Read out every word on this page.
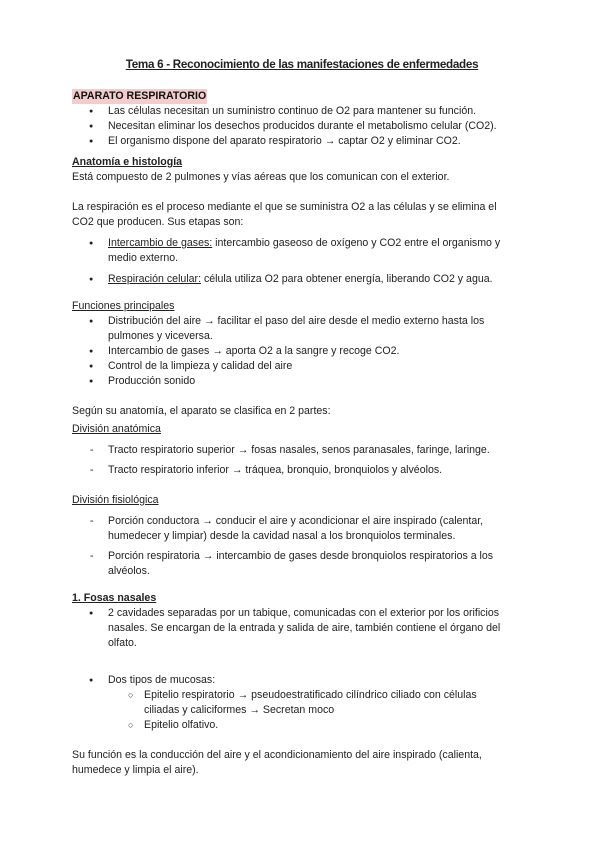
Tema 6 - Reconocimiento de las manifestaciones de enfermedades
APARATO RESPIRATORIO
● Las células necesitan un suministro continuo de O2 para mantener su función.
● Necesitan eliminar los desechos producidos durante el metabolismo celular (CO2).
● El organismo dispone del aparato respiratorio → captar O2 y eliminar CO2.
Anatomía e histología

Está compuesto de 2 pulmones y vías aéreas que los comunican con el exterior.

La respiración es el proceso mediante el que se suministra O2 a las células y se elimina el

CO2 que producen. Sus etapas son:

● Intercambio de gases: intercambio gaseoso de oxígeno y CO2 entre el organismo y
medio externo.
● Respiración celular: célula utiliza O2 para obtener energía, liberando CO2 y agua.
Funciones principales
● Distribución del aire → facilitar el paso del aire desde el medio externo hasta los
pulmones y viceversa.
● Intercambio de gases → aporta O2 a la sangre y recoge CO2.
● Control de la limpieza y calidad del aire
● Producción sonido

Según su anatomía, el aparato se clasifica en 2 partes:

División anatómica
- Tracto respiratorio superior → fosas nasales, senos paranasales, faringe, laringe.
- Tracto respiratorio inferior → tráquea, bronquio, bronquiolos y alvéolos.
División fisiológica
- Porción conductora → conducir el aire y acondicionar el aire inspirado (calentar,
humedecer y limpiar) desde la cavidad nasal a los bronquiolos terminales.
- Porción respiratoria → intercambio de gases desde bronquiolos respiratorios a los
alvéolos.
1. Fosas nasales
● 2 cavidades separadas por un tabique, comunicadas con el exterior por los orificios
nasales. Se encargan de la entrada y salida de aire, también contiene el órgano del
olfato.
● Dos tipos de mucosas:
○ Epitelio respiratorio → pseudoestratificado cilíndrico ciliado con células
ciliadas y caliciformes → Secretan moco
○ Epitelio olfativo.

Su función es la conducción del aire y el acondicionamiento del aire inspirado (calienta,

humedece y limpia el aire).
